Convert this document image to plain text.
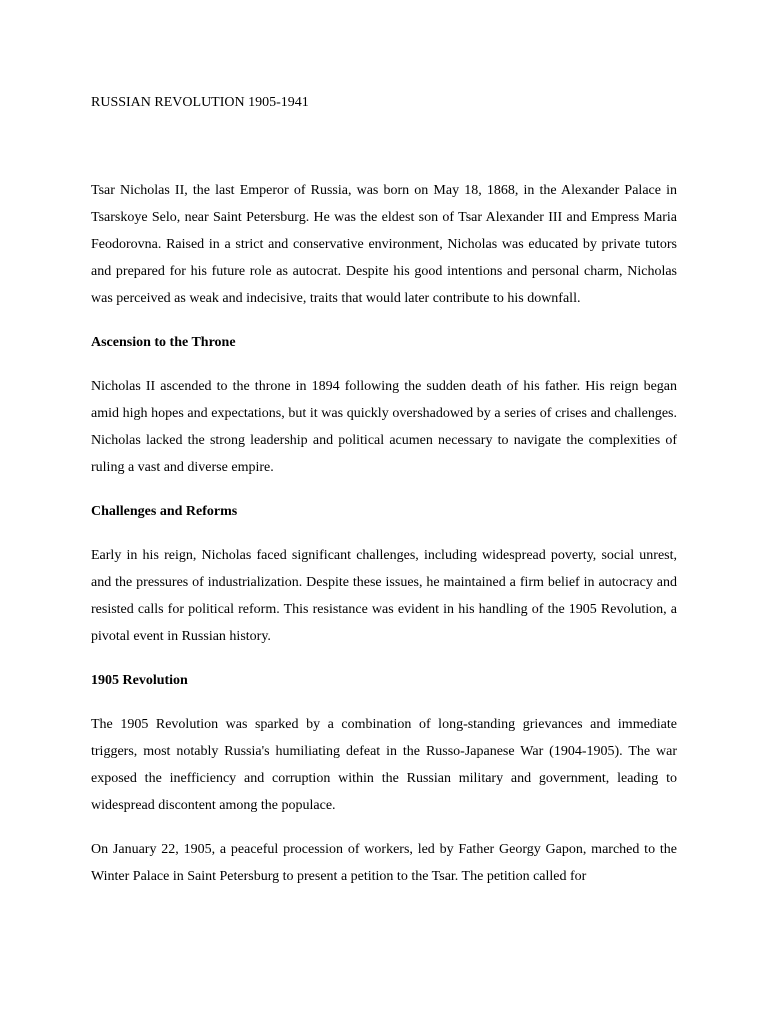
RUSSIAN REVOLUTION 1905-1941

Tsar Nicholas II, the last Emperor of Russia, was born on May 18, 1868, in the Alexander Palace in Tsarskoye Selo, near Saint Petersburg. He was the eldest son of Tsar Alexander III and Empress Maria Feodorovna. Raised in a strict and conservative environment, Nicholas was educated by private tutors and prepared for his future role as autocrat. Despite his good intentions and personal charm, Nicholas was perceived as weak and indecisive, traits that would later contribute to his downfall.

Ascension to the Throne

Nicholas II ascended to the throne in 1894 following the sudden death of his father. His reign began amid high hopes and expectations, but it was quickly overshadowed by a series of crises and challenges. Nicholas lacked the strong leadership and political acumen necessary to navigate the complexities of ruling a vast and diverse empire.

Challenges and Reforms

Early in his reign, Nicholas faced significant challenges, including widespread poverty, social unrest, and the pressures of industrialization. Despite these issues, he maintained a firm belief in autocracy and resisted calls for political reform. This resistance was evident in his handling of the 1905 Revolution, a pivotal event in Russian history.

1905 Revolution

The 1905 Revolution was sparked by a combination of long-standing grievances and immediate triggers, most notably Russia's humiliating defeat in the Russo-Japanese War (1904-1905). The war exposed the inefficiency and corruption within the Russian military and government, leading to widespread discontent among the populace.

On January 22, 1905, a peaceful procession of workers, led by Father Georgy Gapon, marched to the Winter Palace in Saint Petersburg to present a petition to the Tsar. The petition called for
